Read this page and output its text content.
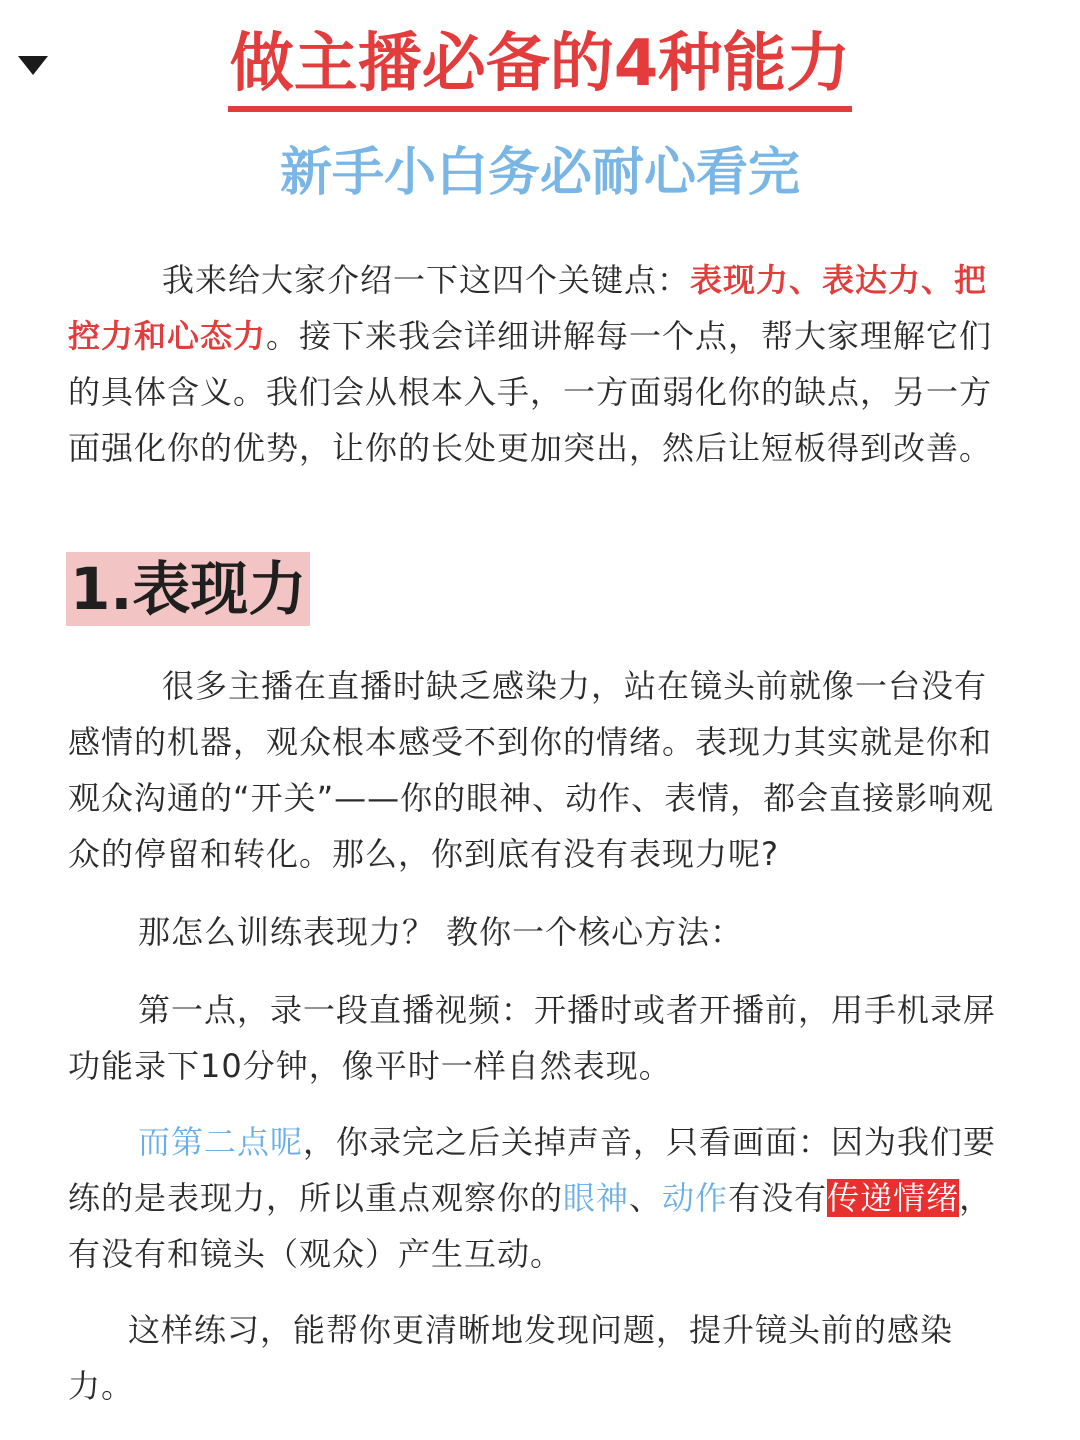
做主播必备的4种能力
新手小白务必耐心看完

我来给大家介绍一下这四个关键点：表现力、表达力、把控力和心态力。接下来我会详细讲解每一个点，帮大家理解它们的具体含义。我们会从根本入手，一方面弱化你的缺点，另一方面强化你的优势，让你的长处更加突出，然后让短板得到改善。

1.表现力

很多主播在直播时缺乏感染力，站在镜头前就像一台没有感情的机器，观众根本感受不到你的情绪。表现力其实就是你和观众沟通的“开关”——你的眼神、动作、表情，都会直接影响观众的停留和转化。那么，你到底有没有表现力呢?

那怎么训练表现力？ 教你一个核心方法：

第一点，录一段直播视频：开播时或者开播前，用手机录屏功能录下10分钟，像平时一样自然表现。

而第二点呢，你录完之后关掉声音，只看画面：因为我们要练的是表现力，所以重点观察你的眼神、动作有没有传递情绪，有没有和镜头（观众）产生互动。

这样练习，能帮你更清晰地发现问题，提升镜头前的感染力。
